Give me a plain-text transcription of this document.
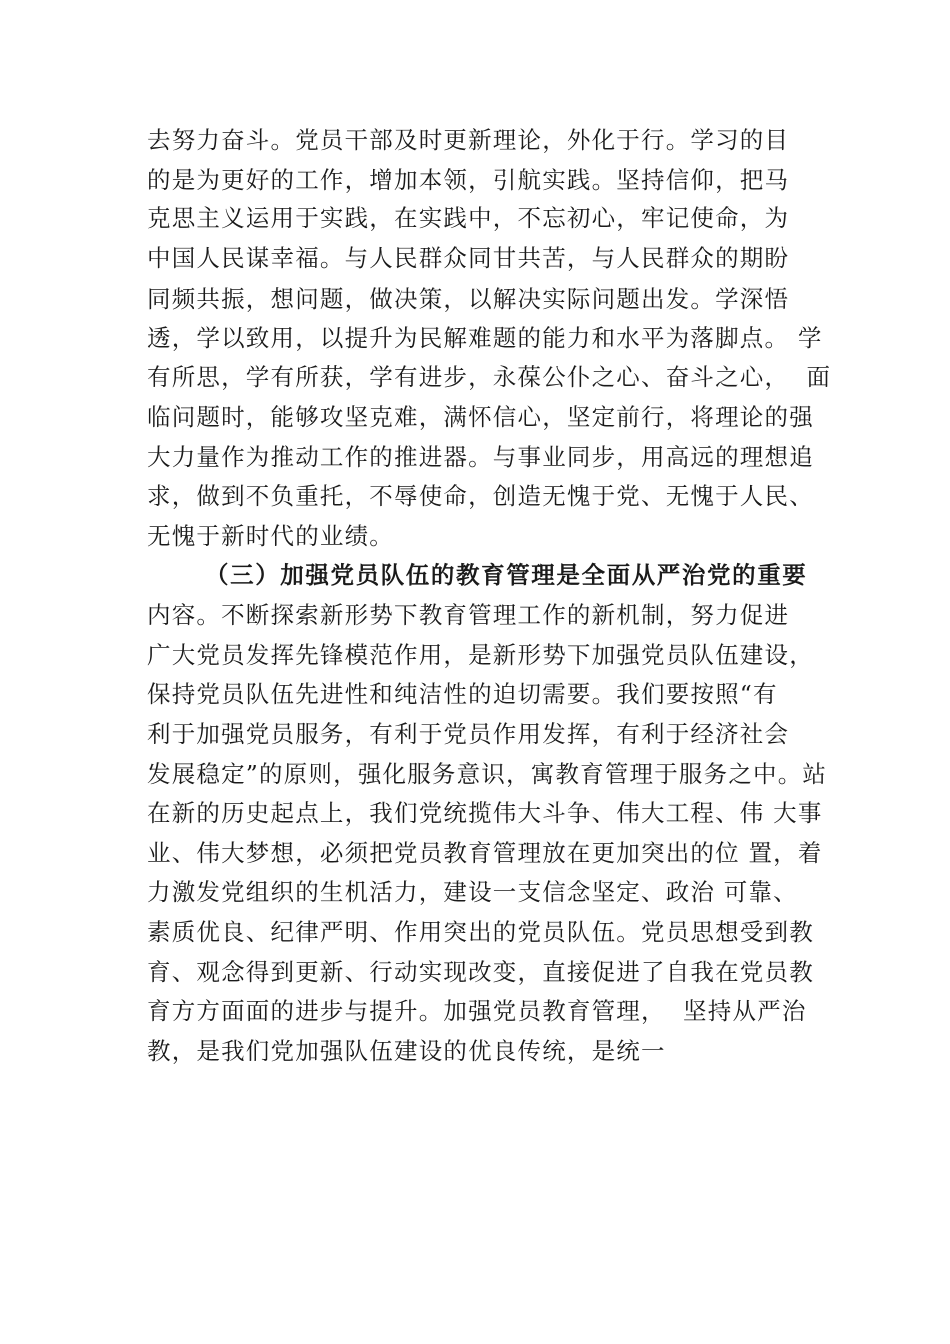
去努力奋斗。党员干部及时更新理论，外化于行。学习的目
的是为更好的工作，增加本领，引航实践。坚持信仰，把马
克思主义运用于实践，在实践中，不忘初心，牢记使命，为
中国人民谋幸福。与人民群众同甘共苦，与人民群众的期盼
同频共振，想问题，做决策，以解决实际问题出发。学深悟
透，学以致用，以提升为民解难题的能力和水平为落脚点。 学
有所思，学有所获，学有进步，永葆公仆之心、奋斗之心，  面
临问题时，能够攻坚克难，满怀信心，坚定前行，将理论的强
大力量作为推动工作的推进器。与事业同步，用高远的理想追
求，做到不负重托，不辱使命，创造无愧于党、无愧于人民、
无愧于新时代的业绩。
（三）加强党员队伍的教育管理是全面从严治党的重要
内容。不断探索新形势下教育管理工作的新机制，努力促进
广大党员发挥先锋模范作用，是新形势下加强党员队伍建设，
保持党员队伍先进性和纯洁性的迫切需要。我们要按照“有
利于加强党员服务，有利于党员作用发挥，有利于经济社会
发展稳定”的原则，强化服务意识，寓教育管理于服务之中。站
在新的历史起点上，我们党统揽伟大斗争、伟大工程、伟 大事
业、伟大梦想，必须把党员教育管理放在更加突出的位 置，着
力激发党组织的生机活力，建设一支信念坚定、政治 可靠、
素质优良、纪律严明、作用突出的党员队伍。党员思想受到教
育、观念得到更新、行动实现改变，直接促进了自我在党员教
育方方面面的进步与提升。加强党员教育管理，  坚持从严治
教，是我们党加强队伍建设的优良传统，是统一
